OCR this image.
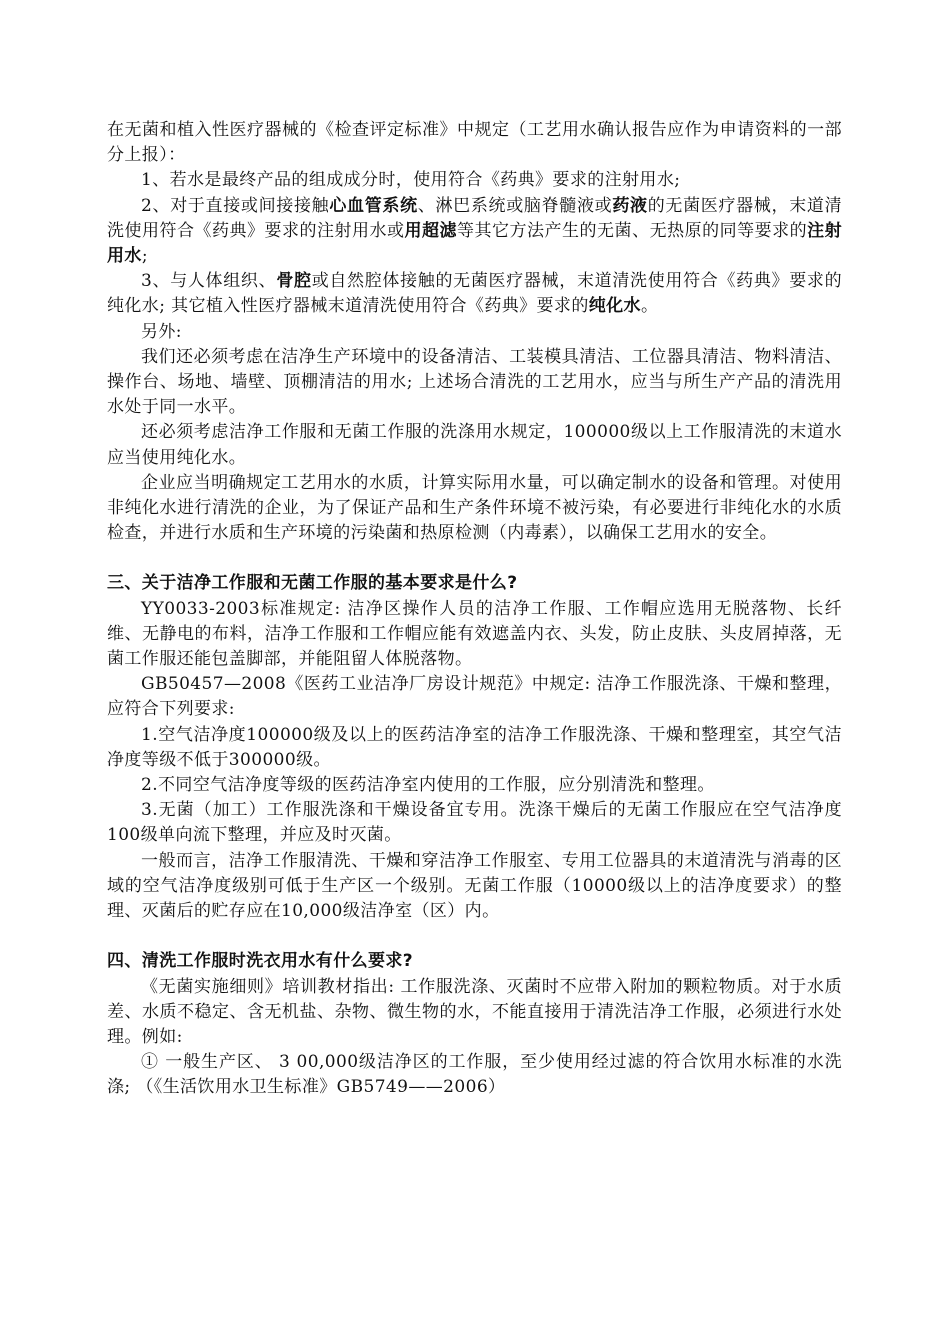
在无菌和植入性医疗器械的《检查评定标准》中规定（工艺用水确认报告应作为申请资料的一部分上报）：

1、若水是最终产品的组成成分时，使用符合《药典》要求的注射用水;

2、对于直接或间接接触心血管系统、淋巴系统或脑脊髓液或药液的无菌医疗器械，末道清洗使用符合《药典》要求的注射用水或用超滤等其它方法产生的无菌、无热原的同等要求的注射用水;

3、与人体组织、骨腔或自然腔体接触的无菌医疗器械，末道清洗使用符合《药典》要求的纯化水; 其它植入性医疗器械末道清洗使用符合《药典》要求的纯化水。

另外:

我们还必须考虑在洁净生产环境中的设备清洁、工装模具清洁、工位器具清洁、物料清洁、操作台、场地、墙壁、顶棚清洁的用水; 上述场合清洗的工艺用水，应当与所生产产品的清洗用水处于同一水平。

还必须考虑洁净工作服和无菌工作服的洗涤用水规定，100000级以上工作服清洗的末道水应当使用纯化水。

企业应当明确规定工艺用水的水质，计算实际用水量，可以确定制水的设备和管理。对使用非纯化水进行清洗的企业，为了保证产品和生产条件环境不被污染，有必要进行非纯化水的水质检查，并进行水质和生产环境的污染菌和热原检测（内毒素），以确保工艺用水的安全。

三、关于洁净工作服和无菌工作服的基本要求是什么?

YY0033-2003标准规定: 洁净区操作人员的洁净工作服、工作帽应选用无脱落物、长纤维、无静电的布料，洁净工作服和工作帽应能有效遮盖内衣、头发，防止皮肤、头皮屑掉落，无菌工作服还能包盖脚部，并能阻留人体脱落物。

GB50457—2008《医药工业洁净厂房设计规范》中规定: 洁净工作服洗涤、干燥和整理，应符合下列要求:

1.空气洁净度100000级及以上的医药洁净室的洁净工作服洗涤、干燥和整理室，其空气洁净度等级不低于300000级。

2.不同空气洁净度等级的医药洁净室内使用的工作服，应分别清洗和整理。

3.无菌（加工）工作服洗涤和干燥设备宜专用。洗涤干燥后的无菌工作服应在空气洁净度100级单向流下整理，并应及时灭菌。

一般而言，洁净工作服清洗、干燥和穿洁净工作服室、专用工位器具的末道清洗与消毒的区域的空气洁净度级别可低于生产区一个级别。无菌工作服（10000级以上的洁净度要求）的整理、灭菌后的贮存应在10,000级洁净室（区）内。

四、清洗工作服时洗衣用水有什么要求?

《无菌实施细则》培训教材指出: 工作服洗涤、灭菌时不应带入附加的颗粒物质。对于水质差、水质不稳定、含无机盐、杂物、微生物的水，不能直接用于清洗洁净工作服，必须进行水处理。例如:

① 一般生产区、 3 00,000级洁净区的工作服，至少使用经过滤的符合饮用水标准的水洗涤; （《生活饮用水卫生标准》GB5749——2006）
